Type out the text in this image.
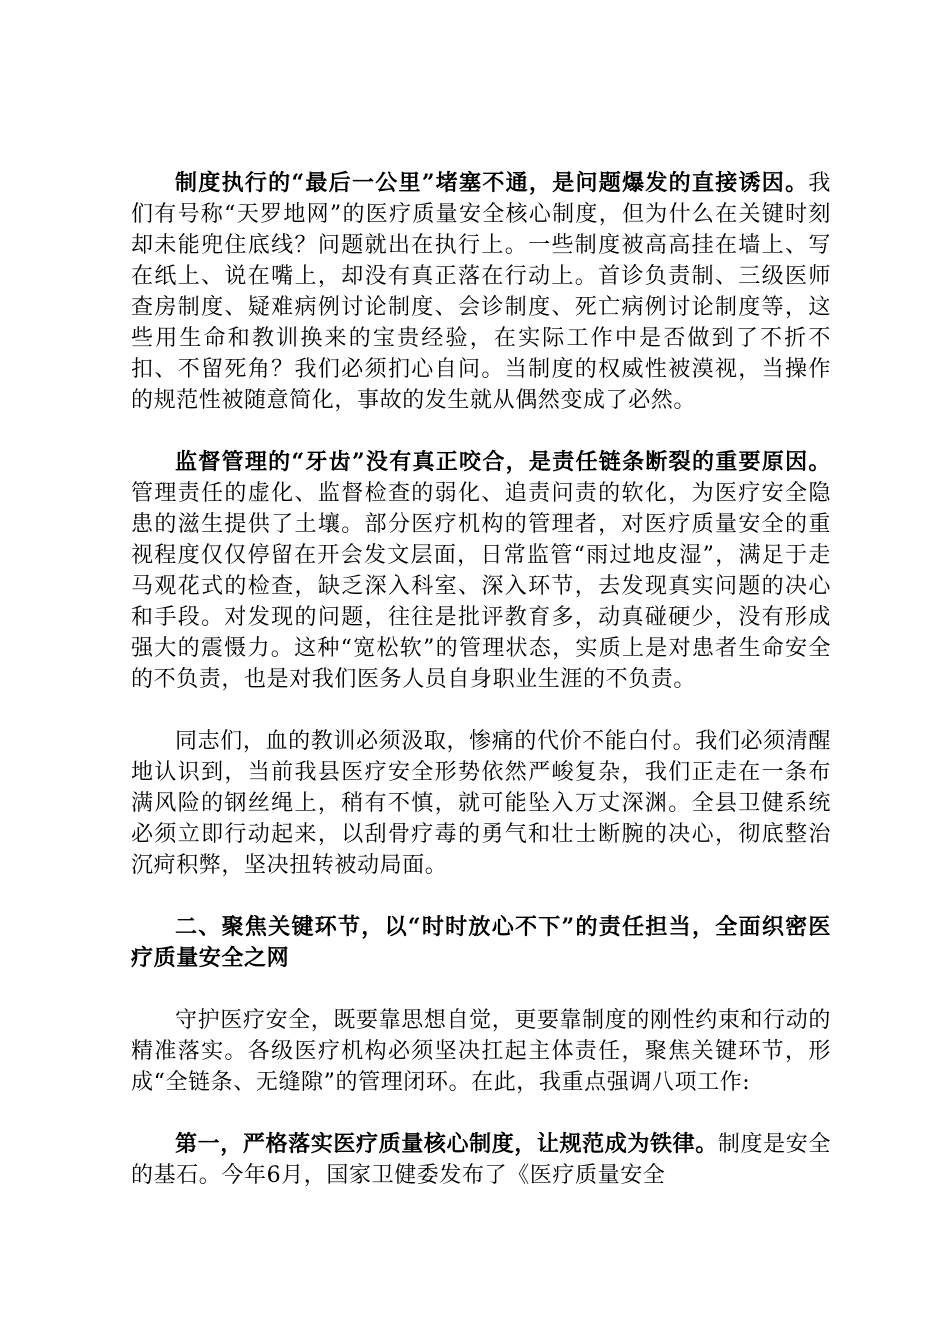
制度执行的“最后一公里”堵塞不通，是问题爆发的直接诱因。我们有号称“天罗地网”的医疗质量安全核心制度，但为什么在关键时刻却未能兜住底线？问题就出在执行上。一些制度被高高挂在墙上、写在纸上、说在嘴上，却没有真正落在行动上。首诊负责制、三级医师查房制度、疑难病例讨论制度、会诊制度、死亡病例讨论制度等，这些用生命和教训换来的宝贵经验，在实际工作中是否做到了不折不扣、不留死角？我们必须扪心自问。当制度的权威性被漠视，当操作的规范性被随意简化，事故的发生就从偶然变成了必然。

监督管理的“牙齿”没有真正咬合，是责任链条断裂的重要原因。管理责任的虚化、监督检查的弱化、追责问责的软化，为医疗安全隐患的滋生提供了土壤。部分医疗机构的管理者，对医疗质量安全的重视程度仅仅停留在开会发文层面，日常监管“雨过地皮湿”，满足于走马观花式的检查，缺乏深入科室、深入环节，去发现真实问题的决心和手段。对发现的问题，往往是批评教育多，动真碰硬少，没有形成强大的震慑力。这种“宽松软”的管理状态，实质上是对患者生命安全的不负责，也是对我们医务人员自身职业生涯的不负责。

同志们，血的教训必须汲取，惨痛的代价不能白付。我们必须清醒地认识到，当前我县医疗安全形势依然严峻复杂，我们正走在一条布满风险的钢丝绳上，稍有不慎，就可能坠入万丈深渊。全县卫健系统必须立即行动起来，以刮骨疗毒的勇气和壮士断腕的决心，彻底整治沉疴积弊，坚决扭转被动局面。

二、聚焦关键环节，以“时时放心不下”的责任担当，全面织密医疗质量安全之网

守护医疗安全，既要靠思想自觉，更要靠制度的刚性约束和行动的精准落实。各级医疗机构必须坚决扛起主体责任，聚焦关键环节，形成“全链条、无缝隙”的管理闭环。在此，我重点强调八项工作:

第一，严格落实医疗质量核心制度，让规范成为铁律。制度是安全的基石。今年6月，国家卫健委发布了《医疗质量安全
